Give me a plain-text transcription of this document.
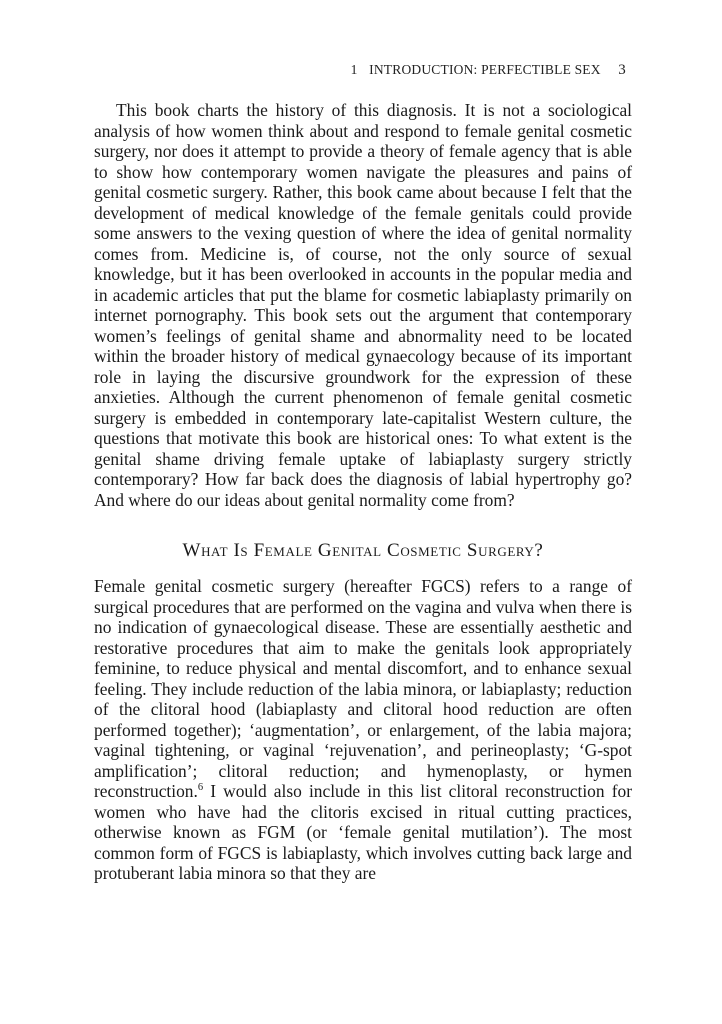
1 INTRODUCTION: PERFECTIBLE SEX 3

This book charts the history of this diagnosis. It is not a sociological analysis of how women think about and respond to female genital cosmetic surgery, nor does it attempt to provide a theory of female agency that is able to show how contemporary women navigate the pleasures and pains of genital cosmetic surgery. Rather, this book came about because I felt that the development of medical knowledge of the female genitals could provide some answers to the vexing question of where the idea of genital normality comes from. Medicine is, of course, not the only source of sexual knowledge, but it has been overlooked in accounts in the popular media and in academic articles that put the blame for cosmetic labiaplasty primarily on internet pornography. This book sets out the argument that contemporary women’s feelings of genital shame and abnormality need to be located within the broader history of medical gynaecology because of its important role in laying the discursive groundwork for the expression of these anxieties. Although the current phenomenon of female genital cosmetic surgery is embedded in contemporary late-capitalist Western culture, the questions that motivate this book are historical ones: To what extent is the genital shame driving female uptake of labiaplasty surgery strictly contemporary? How far back does the diagnosis of labial hypertrophy go? And where do our ideas about genital normality come from?

What Is Female Genital Cosmetic Surgery?

Female genital cosmetic surgery (hereafter FGCS) refers to a range of surgical procedures that are performed on the vagina and vulva when there is no indication of gynaecological disease. These are essentially aesthetic and restorative procedures that aim to make the genitals look appropriately feminine, to reduce physical and mental discomfort, and to enhance sexual feeling. They include reduction of the labia minora, or labiaplasty; reduction of the clitoral hood (labiaplasty and clitoral hood reduction are often performed together); ‘augmentation’, or enlargement, of the labia majora; vaginal tightening, or vaginal ‘rejuvenation’, and perineoplasty; ‘G-spot amplification’; clitoral reduction; and hymenoplasty, or hymen reconstruction.$^6$ I would also include in this list clitoral reconstruction for women who have had the clitoris excised in ritual cutting practices, otherwise known as FGM (or ‘female genital mutilation’). The most common form of FGCS is labiaplasty, which involves cutting back large and protuberant labia minora so that they are
